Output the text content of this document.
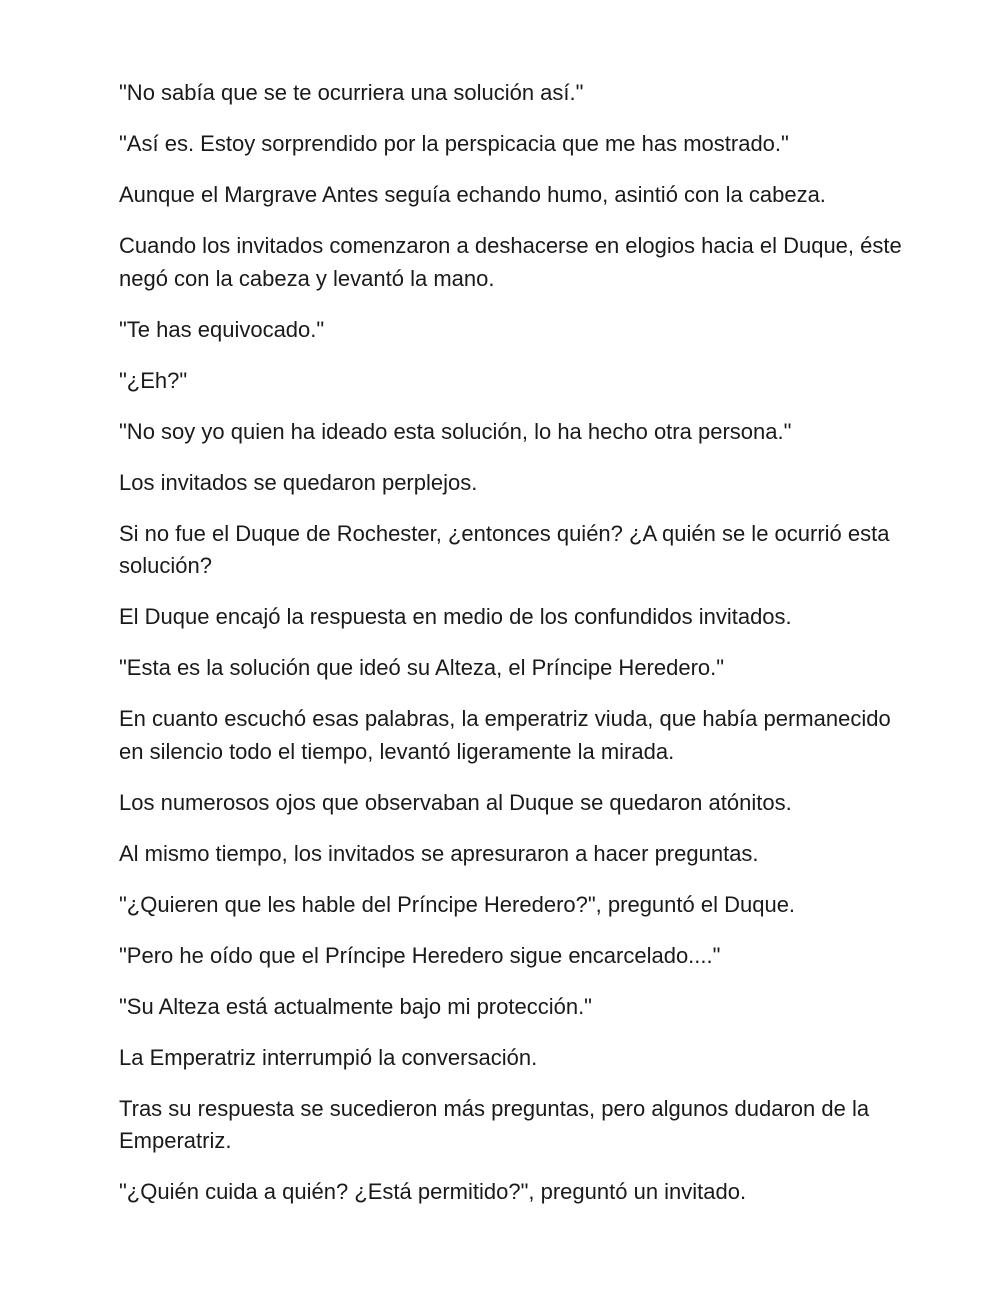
"No sabía que se te ocurriera una solución así."

"Así es. Estoy sorprendido por la perspicacia que me has mostrado."

Aunque el Margrave Antes seguía echando humo, asintió con la cabeza.

Cuando los invitados comenzaron a deshacerse en elogios hacia el Duque, éste negó con la cabeza y levantó la mano.

"Te has equivocado."

"¿Eh?"

"No soy yo quien ha ideado esta solución, lo ha hecho otra persona."

Los invitados se quedaron perplejos.

Si no fue el Duque de Rochester, ¿entonces quién? ¿A quién se le ocurrió esta solución?

El Duque encajó la respuesta en medio de los confundidos invitados.

"Esta es la solución que ideó su Alteza, el Príncipe Heredero."

En cuanto escuchó esas palabras, la emperatriz viuda, que había permanecido en silencio todo el tiempo, levantó ligeramente la mirada.

Los numerosos ojos que observaban al Duque se quedaron atónitos.

Al mismo tiempo, los invitados se apresuraron a hacer preguntas.

"¿Quieren que les hable del Príncipe Heredero?", preguntó el Duque.

"Pero he oído que el Príncipe Heredero sigue encarcelado...."

"Su Alteza está actualmente bajo mi protección."

La Emperatriz interrumpió la conversación.

Tras su respuesta se sucedieron más preguntas, pero algunos dudaron de la Emperatriz.

"¿Quién cuida a quién? ¿Está permitido?", preguntó un invitado.
